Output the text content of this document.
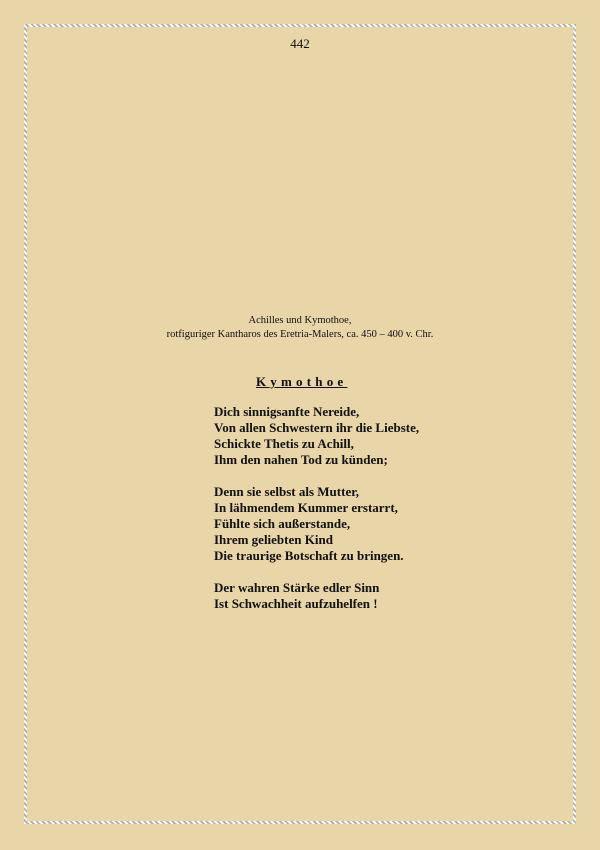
442
Achilles und Kymothoe,
rotfiguriger Kantharos des Eretria-Malers, ca. 450 – 400 v. Chr.
Kymothoe
Dich sinnigsanfte Nereide,
Von allen Schwestern ihr die Liebste,
Schickte Thetis zu Achill,
Ihm den nahen Tod zu künden;
Denn sie selbst als Mutter,
In lähmendem Kummer erstarrt,
Fühlte sich außerstande,
Ihrem geliebten Kind
Die traurige Botschaft zu bringen.
Der wahren Stärke edler Sinn
Ist Schwachheit aufzuhelfen !
